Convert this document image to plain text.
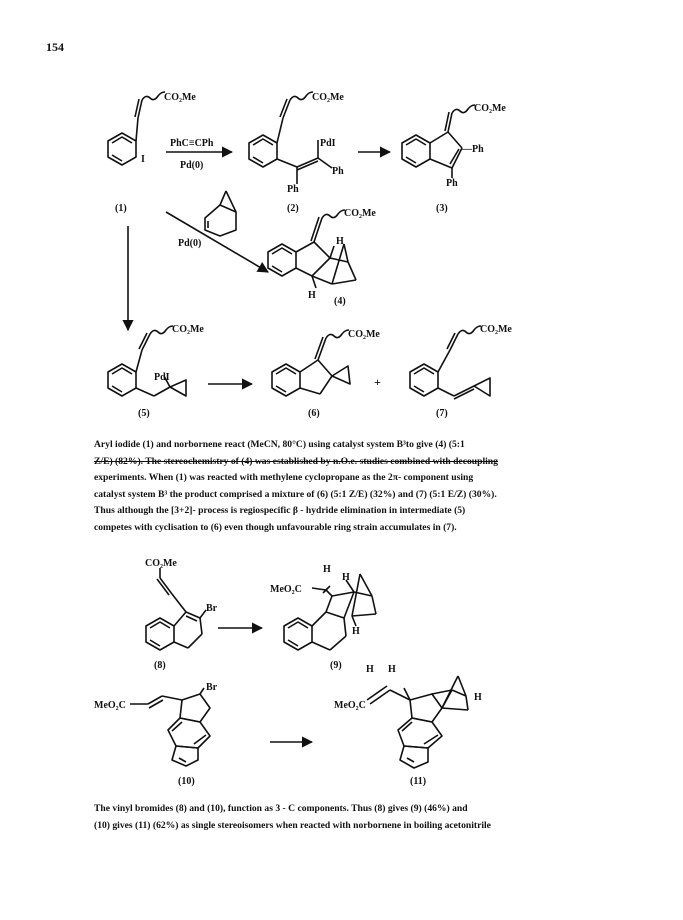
154
CO₂Me
I
PhC≡CPh
Pd(0)
CO₂Me
PdI
Ph
Ph
CO₂Me
—Ph
Ph
(1)	(2)	(3)
Pd(0)
CO₂Me
H
H
(4)
CO₂Me
PdI
(5)
CO₂Me
(6)
+
CO₂Me
(7)
CO₂Me
Br
(8)
MeO₂C
H
H
H
(9)
MeO₂C
Br
(10)
MeO₂C
H H
H
(11)
Aryl iodide (1) and norbornene react (MeCN, 80°C) using catalyst system B³to give (4) (5:1
Z/E) (82%). The stereochemistry of (4) was established by n.O.e. studies combined with decoupling
experiments. When (1) was reacted with methylene cyclopropane as the 2π- component using
catalyst system B³ the product comprised a mixture of (6) (5:1 Z/E) (32%) and (7) (5:1 E/Z) (30%).
Thus although the [3+2]- process is regiospecific β - hydride elimination in intermediate (5)
competes with cyclisation to (6) even though unfavourable ring strain accumulates in (7).
The vinyl bromides (8) and (10), function as 3 - C components. Thus (8) gives (9) (46%) and
(10) gives (11) (62%) as single stereoisomers when reacted with norbornene in boiling acetonitrile
